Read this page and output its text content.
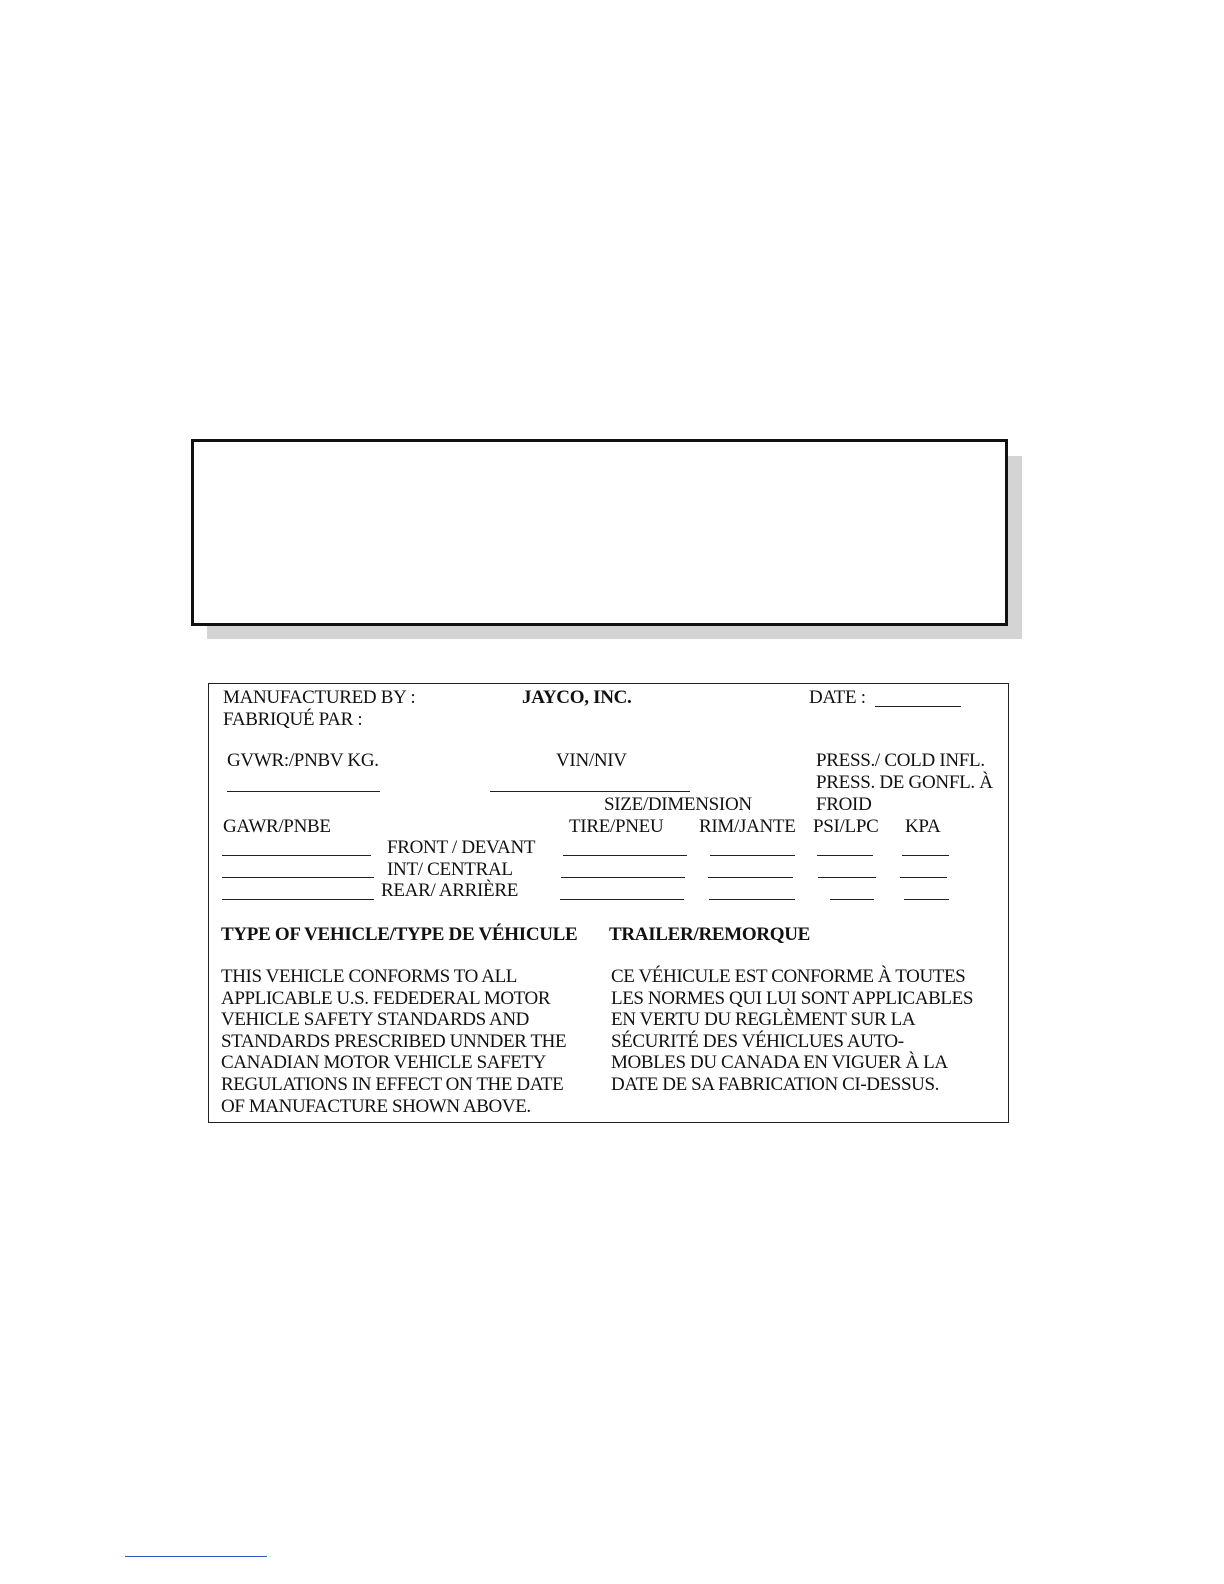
MANUFACTURED BY :
FABRIQUÉ PAR :
JAYCO, INC.	DATE :
GVWR:/PNBV KG.	VIN/NIV	PRESS./ COLD INFL.
PRESS. DE GONFL. À
FROID
SIZE/DIMENSION
GAWR/PNBE	TIRE/PNEU RIM/JANTE PSI/LPC KPA
FRONT / DEVANT
INT/ CENTRAL
REAR/ ARRIÈRE
TYPE OF VEHICLE/TYPE DE VÉHICULE TRAILER/REMORQUE

THIS VEHICLE CONFORMS TO ALL
APPLICABLE U.S. FEDEDERAL MOTOR
VEHICLE SAFETY STANDARDS AND
STANDARDS PRESCRIBED UNNDER THE
CANADIAN MOTOR VEHICLE SAFETY
REGULATIONS IN EFFECT ON THE DATE
OF MANUFACTURE SHOWN ABOVE.

CE VÉHICULE EST CONFORME À TOUTES
LES NORMES QUI LUI SONT APPLICABLES
EN VERTU DU REGLÈMENT SUR LA
SÉCURITÉ DES VÉHICLUES AUTO-
MOBLES DU CANADA EN VIGUER À LA
DATE DE SA FABRICATION CI-DESSUS.
